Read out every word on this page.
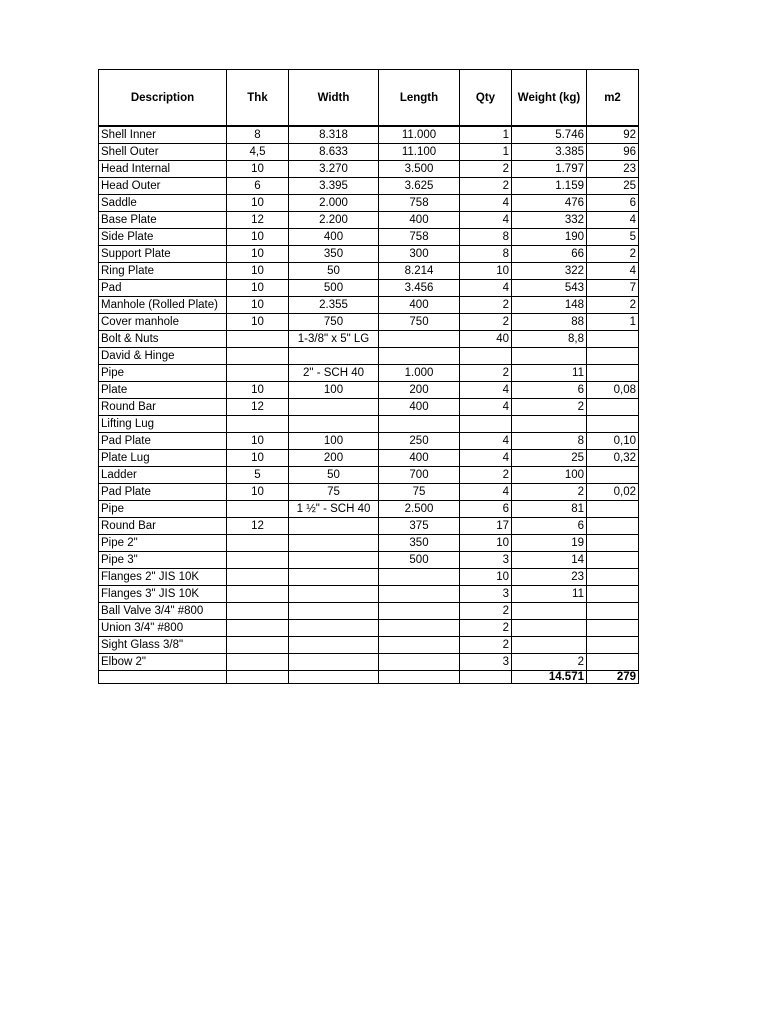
Description	Thk	Width	Length	Qty	Weight (kg)	m2
Shell Inner	8	8.318	11.000	1	5.746	92
Shell Outer	4,5	8.633	11.100	1	3.385	96
Head Internal	10	3.270	3.500	2	1.797	23
Head Outer	6	3.395	3.625	2	1.159	25
Saddle	10	2.000	758	4	476	6
Base Plate	12	2.200	400	4	332	4
Side Plate	10	400	758	8	190	5
Support Plate	10	350	300	8	66	2
Ring Plate	10	50	8.214	10	322	4
Pad	10	500	3.456	4	543	7
Manhole (Rolled Plate)	10	2.355	400	2	148	2
Cover manhole	10	750	750	2	88	1
Bolt & Nuts		1-3/8" x 5" LG		40	8,8	
David & Hinge						
Pipe		2" - SCH 40	1.000	2	11	
Plate	10	100	200	4	6	0,08
Round Bar	12		400	4	2	
Lifting Lug						
Pad Plate	10	100	250	4	8	0,10
Plate Lug	10	200	400	4	25	0,32
Ladder	5	50	700	2	100	
Pad Plate	10	75	75	4	2	0,02
Pipe		1 ½" - SCH 40	2.500	6	81	
Round Bar	12		375	17	6	
Pipe 2"			350	10	19	
Pipe 3"			500	3	14	
Flanges 2" JIS 10K				10	23	
Flanges 3" JIS 10K				3	11	
Ball Valve 3/4" #800				2		
Union 3/4" #800				2		
Sight Glass 3/8"				2		
Elbow 2"				3	2	
					14.571	279
